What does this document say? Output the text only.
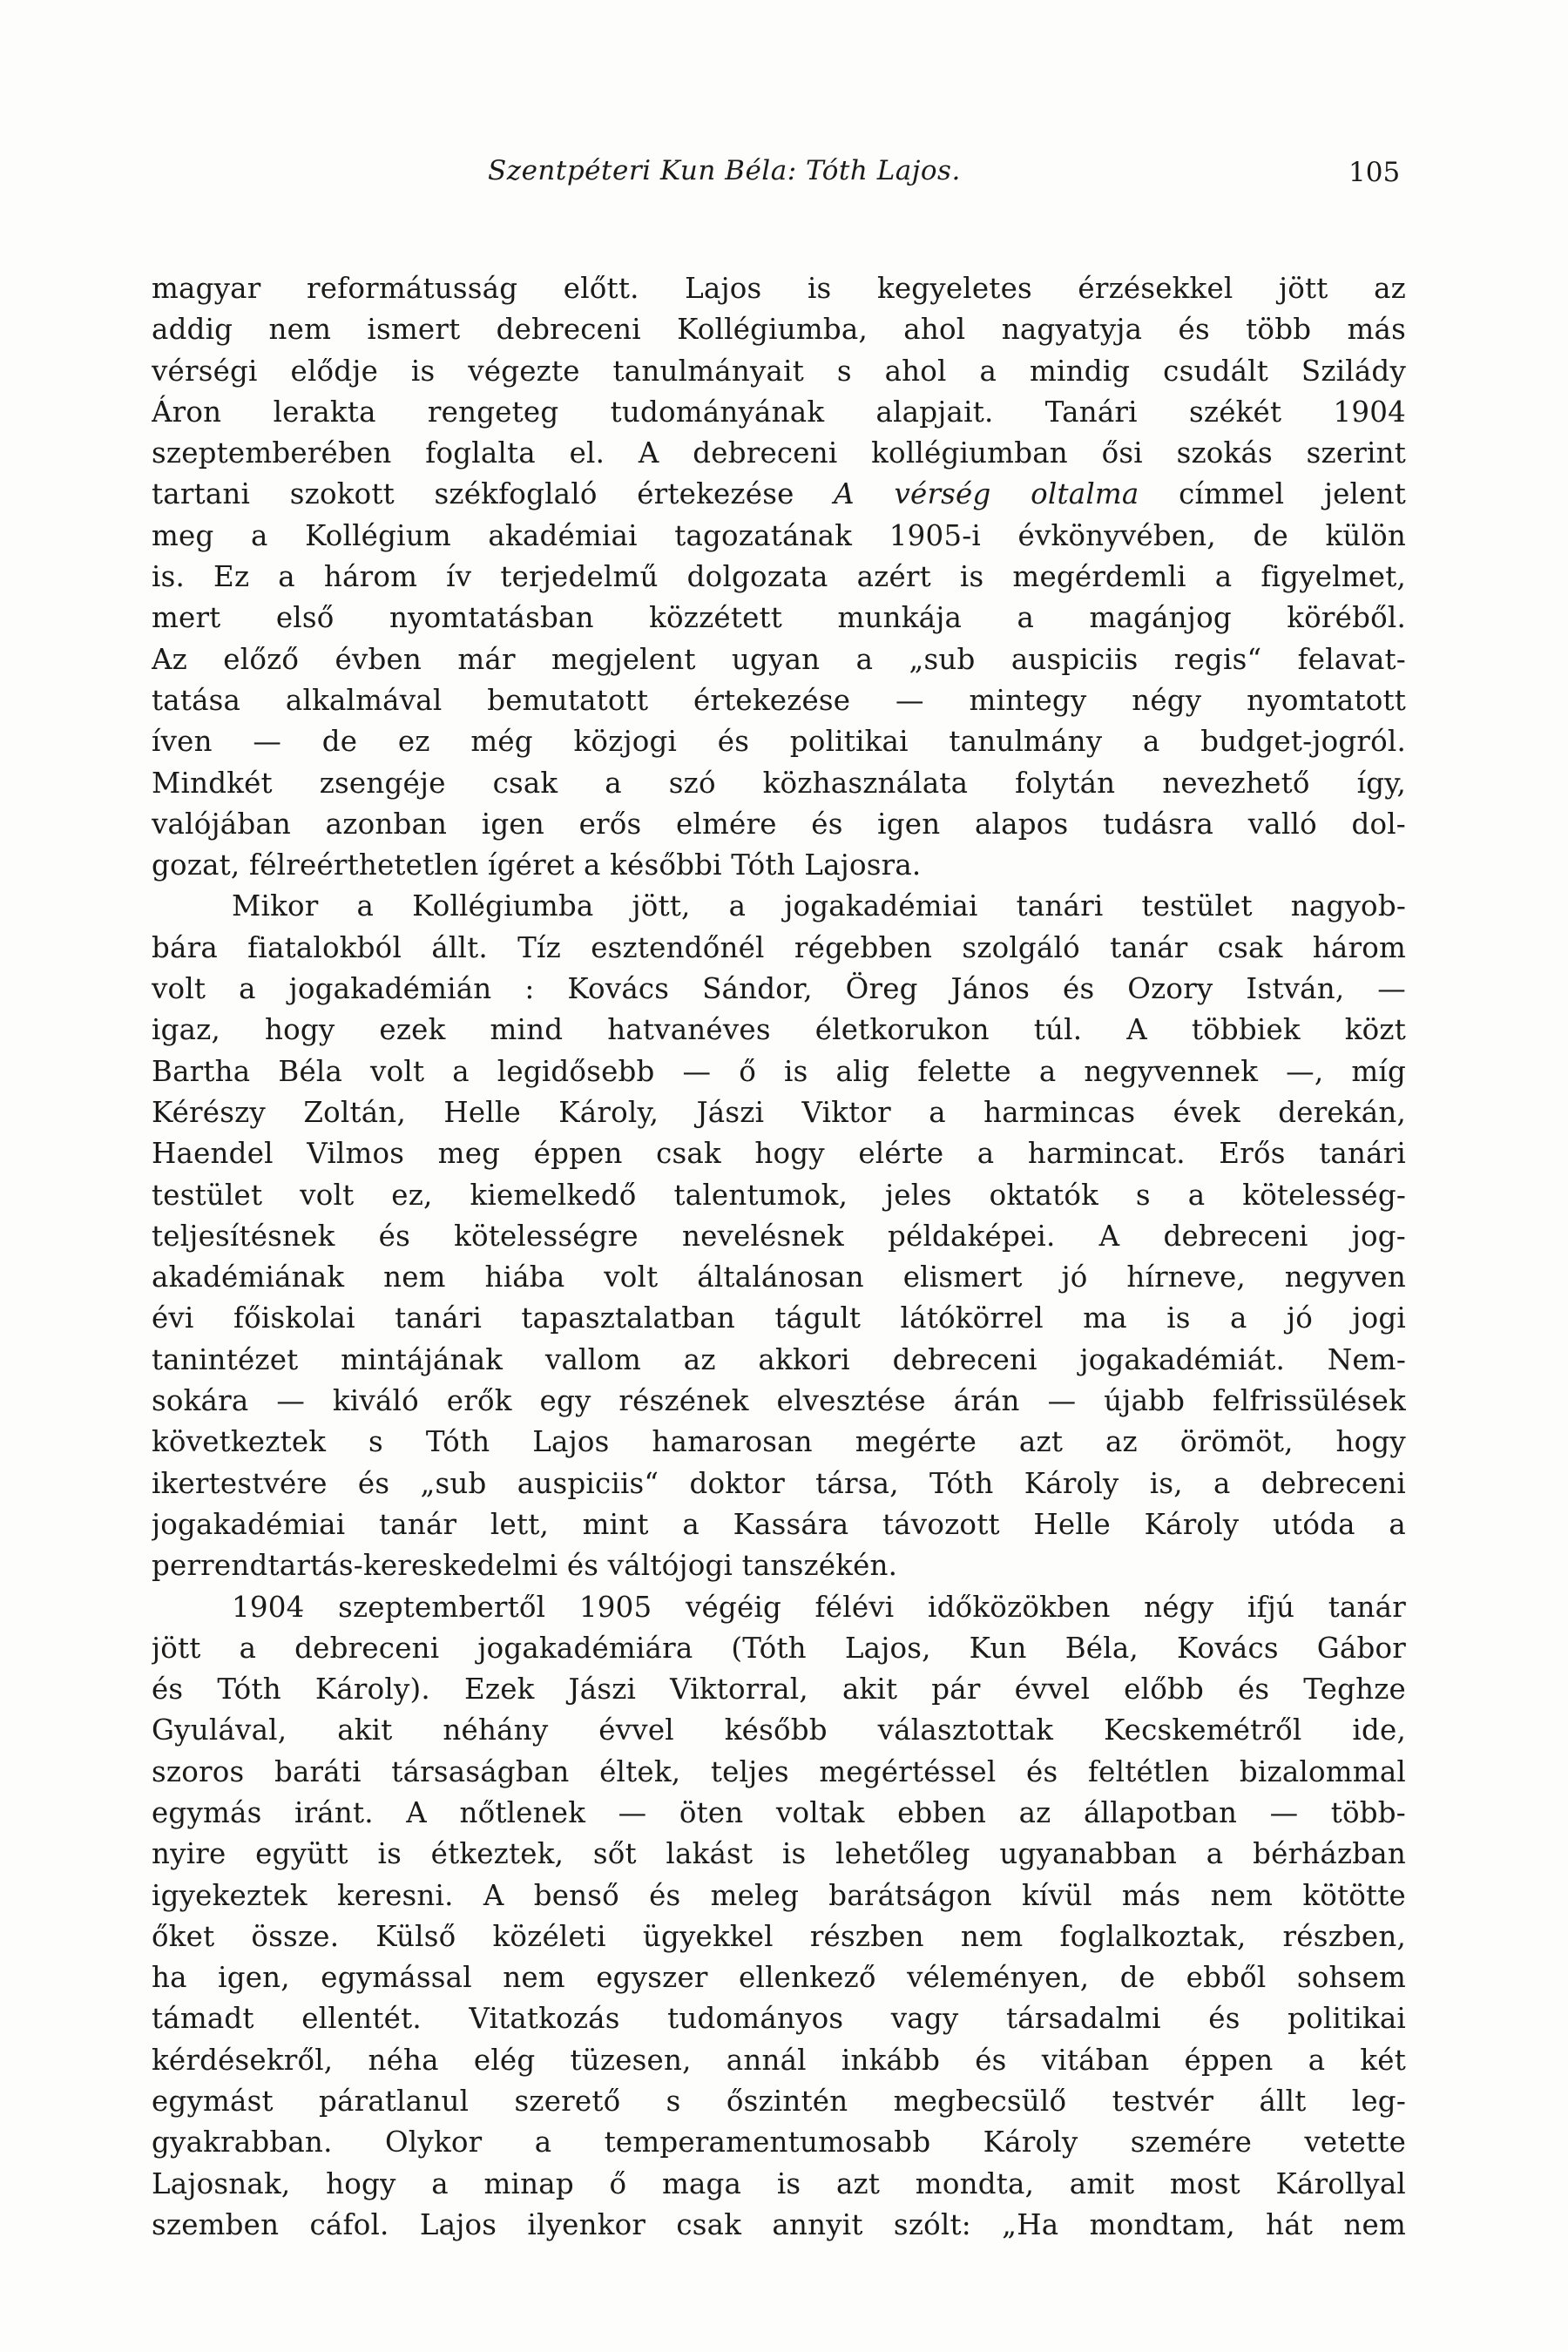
Szentpéteri Kun Béla: Tóth Lajos.	105
magyar reformátusság előtt. Lajos is kegyeletes érzésekkel jött az
addig nem ismert debreceni Kollégiumba, ahol nagyatyja és több más
vérségi elődje is végezte tanulmányait s ahol a mindig csudált Szilády
Áron lerakta rengeteg tudományának alapjait. Tanári székét 1904
szeptemberében foglalta el. A debreceni kollégiumban ősi szokás szerint
tartani szokott székfoglaló értekezése A vérség oltalma címmel jelent
meg a Kollégium akadémiai tagozatának 1905-i évkönyvében, de külön
is. Ez a három ív terjedelmű dolgozata azért is megérdemli a figyelmet,
mert első nyomtatásban közzétett munkája a magánjog köréből.
Az előző évben már megjelent ugyan a „sub auspiciis regis“ felavat-
tatása alkalmával bemutatott értekezése — mintegy négy nyomtatott
íven — de ez még közjogi és politikai tanulmány a budget-jogról.
Mindkét zsengéje csak a szó közhasználata folytán nevezhető így,
valójában azonban igen erős elmére és igen alapos tudásra valló dol-
gozat, félreérthetetlen ígéret a későbbi Tóth Lajosra.
Mikor a Kollégiumba jött, a jogakadémiai tanári testület nagyob-
bára fiatalokból állt. Tíz esztendőnél régebben szolgáló tanár csak három
volt a jogakadémián : Kovács Sándor, Öreg János és Ozory István, —
igaz, hogy ezek mind hatvanéves életkorukon túl. A többiek közt
Bartha Béla volt a legidősebb — ő is alig felette a negyvennek —, míg
Kérészy Zoltán, Helle Károly, Jászi Viktor a harmincas évek derekán,
Haendel Vilmos meg éppen csak hogy elérte a harmincat. Erős tanári
testület volt ez, kiemelkedő talentumok, jeles oktatók s a kötelesség-
teljesítésnek és kötelességre nevelésnek példaképei. A debreceni jog-
akadémiának nem hiába volt általánosan elismert jó hírneve, negyven
évi főiskolai tanári tapasztalatban tágult látókörrel ma is a jó jogi
tanintézet mintájának vallom az akkori debreceni jogakadémiát. Nem-
sokára — kiváló erők egy részének elvesztése árán — újabb felfrissülések
következtek s Tóth Lajos hamarosan megérte azt az örömöt, hogy
ikertestvére és „sub auspiciis“ doktor társa, Tóth Károly is, a debreceni
jogakadémiai tanár lett, mint a Kassára távozott Helle Károly utóda a
perrendtartás-kereskedelmi és váltójogi tanszékén.
1904 szeptembertől 1905 végéig félévi időközökben négy ifjú tanár
jött a debreceni jogakadémiára (Tóth Lajos, Kun Béla, Kovács Gábor
és Tóth Károly). Ezek Jászi Viktorral, akit pár évvel előbb és Teghze
Gyulával, akit néhány évvel később választottak Kecskemétről ide,
szoros baráti társaságban éltek, teljes megértéssel és feltétlen bizalommal
egymás iránt. A nőtlenek — öten voltak ebben az állapotban — több-
nyire együtt is étkeztek, sőt lakást is lehetőleg ugyanabban a bérházban
igyekeztek keresni. A benső és meleg barátságon kívül más nem kötötte
őket össze. Külső közéleti ügyekkel részben nem foglalkoztak, részben,
ha igen, egymással nem egyszer ellenkező véleményen, de ebből sohsem
támadt ellentét. Vitatkozás tudományos vagy társadalmi és politikai
kérdésekről, néha elég tüzesen, annál inkább és vitában éppen a két
egymást páratlanul szerető s őszintén megbecsülő testvér állt leg-
gyakrabban. Olykor a temperamentumosabb Károly szemére vetette
Lajosnak, hogy a minap ő maga is azt mondta, amit most Károllyal
szemben cáfol. Lajos ilyenkor csak annyit szólt: „Ha mondtam, hát nem
